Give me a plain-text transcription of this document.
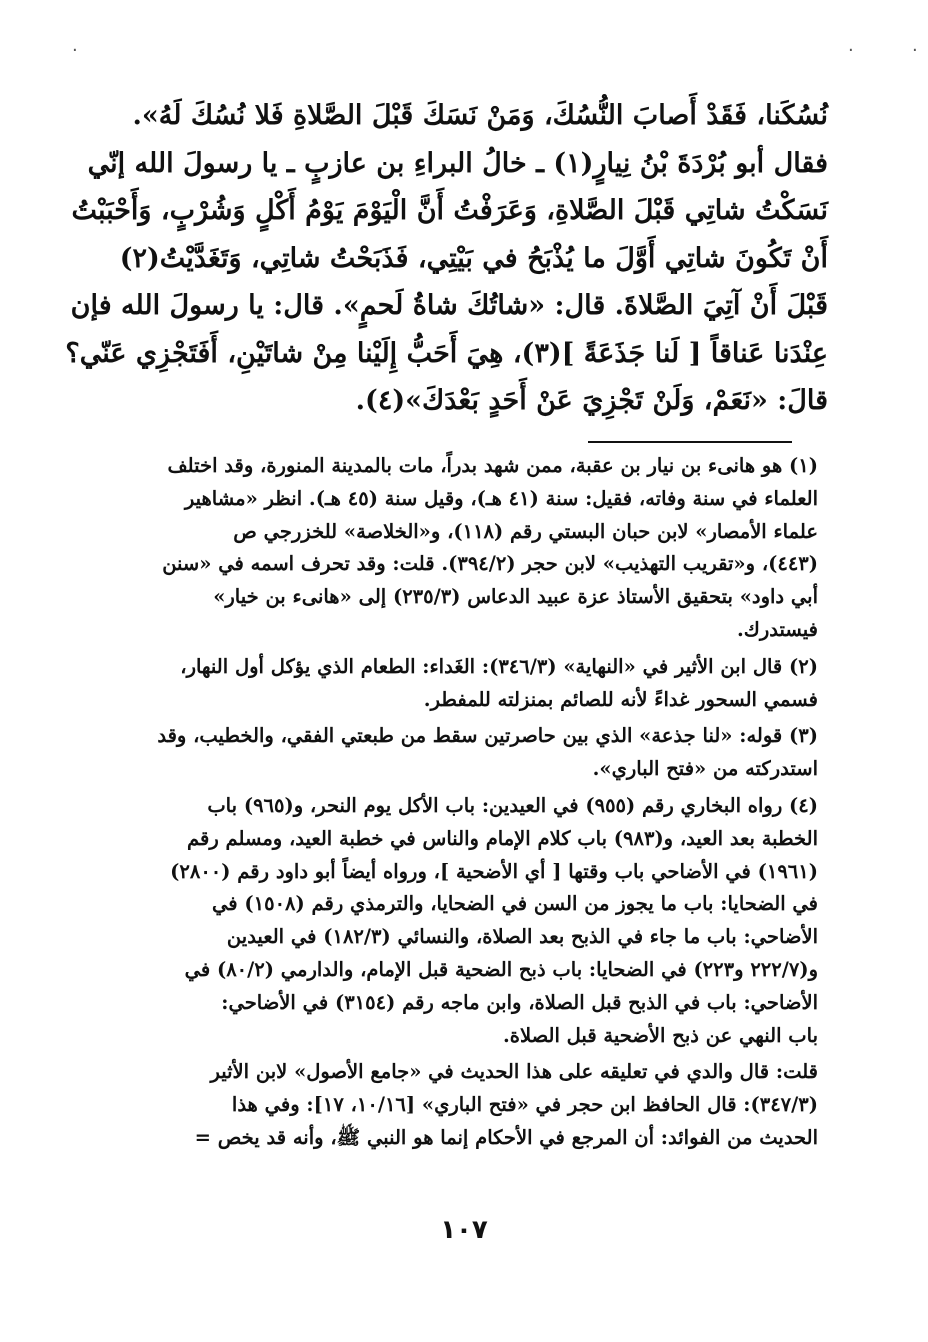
·	·	·
نُسُكَنا، فَقَدْ أَصابَ النُّسُكَ، وَمَنْ نَسَكَ قَبْلَ الصَّلاةِ فَلا نُسُكَ لَهُ».
فقال أبو بُرْدَةَ بْنُ نِيارٍ(١) ـ خالُ البراءِ بن عازبٍ ـ يا رسولَ الله إنّي
نَسَكْتُ شاتِي قَبْلَ الصَّلاةِ، وَعَرَفْتُ أَنَّ الْيَوْمَ يَوْمُ أَكْلٍ وَشُرْبٍ، وَأَحْبَبْتُ
أَنْ تَكُونَ شاتِي أَوَّلَ ما يُذْبَحُ في بَيْتِي، فَذَبَحْتُ شاتِي، وَتَغَدَّيْتُ(٢)
قَبْلَ أَنْ آتِيَ الصَّلاةَ. قال: «شاتُكَ شاةُ لَحمٍ». قال: يا رسولَ الله فإن
عِنْدَنا عَناقاً [ لَنا جَذَعَةً ](٣)، هِيَ أَحَبُّ إِلَيْنا مِنْ شاتَيْنِ، أَفَتَجْزِي عَنّي؟
قالَ: «نَعَمْ، وَلَنْ تَجْزِيَ عَنْ أَحَدٍ بَعْدَكَ»(٤).
(١) هو هانىء بن نيار بن عقبة، ممن شهد بدراً، مات بالمدينة المنورة، وقد اختلف
العلماء في سنة وفاته، فقيل: سنة (٤١ هـ)، وقيل سنة (٤٥ هـ). انظر «مشاهير
علماء الأمصار» لابن حبان البستي رقم (١١٨)، و«الخلاصة» للخزرجي ص
(٤٤٣)، و«تقريب التهذيب» لابن حجر (٣٩٤/٢). قلت: وقد تحرف اسمه في «سنن
أبي داود» بتحقيق الأستاذ عزة عبيد الدعاس (٢٣٥/٣) إلى «هانىء بن خيار»
فيستدرك.
(٢) قال ابن الأثير في «النهاية» (٣٤٦/٣): الغَداء: الطعام الذي يؤكل أول النهار،
فسمي السحور غداءً لأنه للصائم بمنزلته للمفطر.
(٣) قوله: «لنا جذعة» الذي بين حاصرتين سقط من طبعتي الفقي، والخطيب، وقد
استدركته من «فتح الباري».
(٤) رواه البخاري رقم (٩٥٥) في العيدين: باب الأكل يوم النحر، و(٩٦٥) باب
الخطبة بعد العيد، و(٩٨٣) باب كلام الإمام والناس في خطبة العيد، ومسلم رقم
(١٩٦١) في الأضاحي باب وقتها [ أي الأضحية ]، ورواه أيضاً أبو داود رقم (٢٨٠٠)
في الضحايا: باب ما يجوز من السن في الضحايا، والترمذي رقم (١٥٠٨) في
الأضاحي: باب ما جاء في الذبح بعد الصلاة، والنسائي (١٨٢/٣) في العيدين
و(٢٢٢/٧ و٢٢٣) في الضحايا: باب ذبح الضحية قبل الإمام، والدارمي (٨٠/٢) في
الأضاحي: باب في الذبح قبل الصلاة، وابن ماجه رقم (٣١٥٤) في الأضاحي:
باب النهي عن ذبح الأضحية قبل الصلاة.
قلت: قال والدي في تعليقه على هذا الحديث في «جامع الأصول» لابن الأثير
(٣٤٧/٣): قال الحافظ ابن حجر في «فتح الباري» [١٠/١٦، ١٧]: وفي هذا
الحديث من الفوائد: أن المرجع في الأحكام إنما هو النبي ﷺ، وأنه قد يخص =
١٠٧
